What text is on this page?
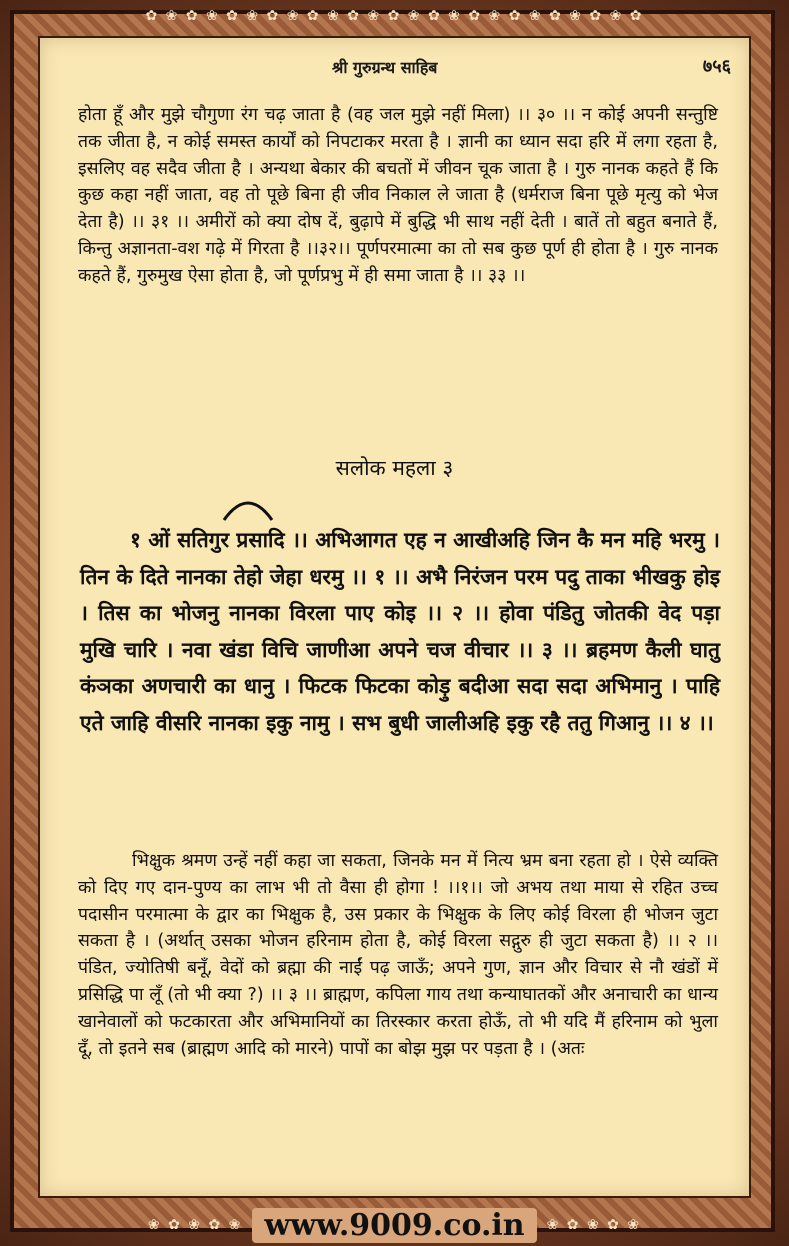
✿ ❀ ✿ ❀ ✿ ❀ ✿ ❀ ✿ ❀ ✿ ❀ ✿ ❀ ✿ ❀ ✿ ❀ ✿ ❀ ✿ ❀ ✿ ❀ ✿
श्री गुरुग्रन्थ साहिब	७५६
होता हूँ और मुझे चौगुणा रंग चढ़ जाता है (वह जल मुझे नहीं मिला) ।। ३० ।। न कोई अपनी सन्तुष्टि तक जीता है, न कोई समस्त कार्यों को निपटाकर मरता है । ज्ञानी का ध्यान सदा हरि में लगा रहता है, इसलिए वह सदैव जीता है । अन्यथा बेकार की बचतों में जीवन चूक जाता है । गुरु नानक कहते हैं कि कुछ कहा नहीं जाता, वह तो पूछे बिना ही जीव निकाल ले जाता है (धर्मराज बिना पूछे मृत्यु को भेज देता है) ।। ३१ ।। अमीरों को क्या दोष दें, बुढ़ापे में बुद्धि भी साथ नहीं देती । बातें तो बहुत बनाते हैं, किन्तु अज्ञानता-वश गढ़े में गिरता है ।।३२।। पूर्णपरमात्मा का तो सब कुछ पूर्ण ही होता है । गुरु नानक कहते हैं, गुरुमुख ऐसा होता है, जो पूर्णप्रभु में ही समा जाता है ।। ३३ ।।
सलोक महला ३
१ ओं सतिगुर प्रसादि ।। अभिआगत एह न आखीअहि जिन कै मन महि भरमु । तिन के दिते नानका तेहो जेहा धरमु ।। १ ।। अभै निरंजन परम पदु ताका भीखकु होइ । तिस का भोजनु नानका विरला पाए कोइ ।। २ ।। होवा पंडितु जोतकी वेद पड़ा मुखि चारि । नवा खंडा विचि जाणीआ अपने चज वीचार ।। ३ ।। ब्रहमण कैली घातु कंञका अणचारी का धानु । फिटक फिटका कोड़ु बदीआ सदा सदा अभिमानु । पाहि एते जाहि वीसरि नानका इकु नामु । सभ बुधी जालीअहि इकु रहै ततु गिआनु ।। ४ ।।
भिक्षुक श्रमण उन्हें नहीं कहा जा सकता, जिनके मन में नित्य भ्रम बना रहता हो । ऐसे व्यक्ति को दिए गए दान-पुण्य का लाभ भी तो वैसा ही होगा ! ।।१।। जो अभय तथा माया से रहित उच्च पदासीन परमात्मा के द्वार का भिक्षुक है, उस प्रकार के भिक्षुक के लिए कोई विरला ही भोजन जुटा सकता है । (अर्थात् उसका भोजन हरिनाम होता है, कोई विरला सद्गुरु ही जुटा सकता है) ।। २ ।। पंडित, ज्योतिषी बनूँ, वेदों को ब्रह्मा की नाईं पढ़ जाऊँ; अपने गुण, ज्ञान और विचार से नौ खंडों में प्रसिद्धि पा लूँ (तो भी क्या ?) ।। ३ ।। ब्राह्मण, कपिला गाय तथा कन्याघातकों और अनाचारी का धान्य खानेवालों को फटकारता और अभिमानियों का तिरस्कार करता होऊँ, तो भी यदि मैं हरिनाम को भुला दूँ, तो इतने सब (ब्राह्मण आदि को मारने) पापों का बोझ मुझ पर पड़ता है । (अतः
❀ ✿ ❀ ✿ ❀ www.9009.co.in	❀ ✿ ❀ ✿ ❀
